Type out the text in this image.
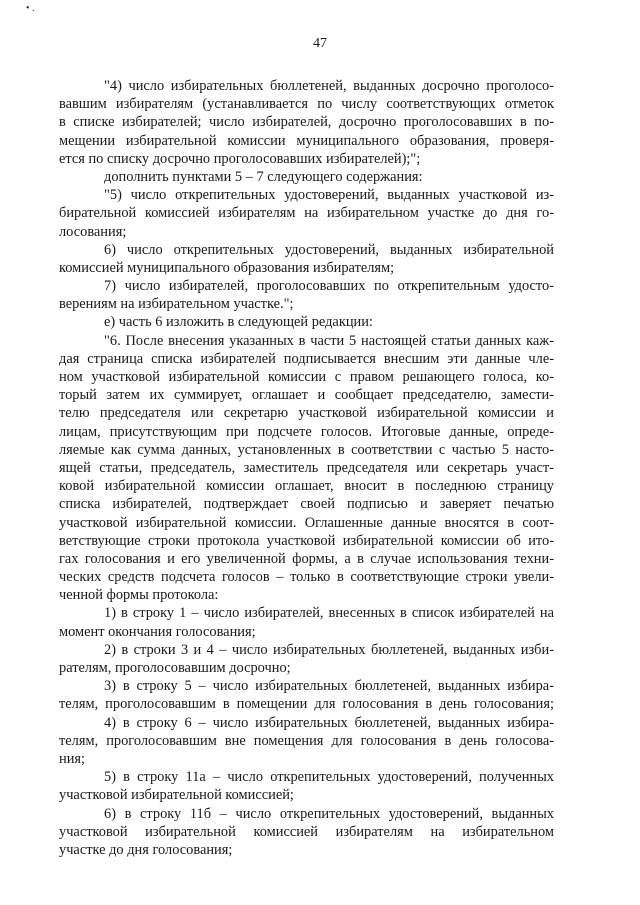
• .
47
"4) число избирательных бюллетеней, выданных досрочно проголосо-
вавшим избирателям (устанавливается по числу соответствующих отметок
в списке избирателей; число избирателей, досрочно проголосовавших в по-
мещении избирательной комиссии муниципального образования, проверя-
ется по списку досрочно проголосовавших избирателей);";
дополнить пунктами 5 – 7 следующего содержания:
"5) число открепительных удостоверений, выданных участковой из-
бирательной комиссией избирателям на избирательном участке до дня го-
лосования;
6) число открепительных удостоверений, выданных избирательной
комиссией муниципального образования избирателям;
7) число избирателей, проголосовавших по открепительным удосто-
верениям на избирательном участке.";
е) часть 6 изложить в следующей редакции:
"6. После внесения указанных в части 5 настоящей статьи данных каж-
дая страница списка избирателей подписывается внесшим эти данные чле-
ном участковой избирательной комиссии с правом решающего голоса, ко-
торый затем их суммирует, оглашает и сообщает председателю, замести-
телю председателя или секретарю участковой избирательной комиссии и
лицам, присутствующим при подсчете голосов. Итоговые данные, опреде-
ляемые как сумма данных, установленных в соответствии с частью 5 насто-
ящей статьи, председатель, заместитель председателя или секретарь участ-
ковой избирательной комиссии оглашает, вносит в последнюю страницу
списка избирателей, подтверждает своей подписью и заверяет печатью
участковой избирательной комиссии. Оглашенные данные вносятся в соот-
ветствующие строки протокола участковой избирательной комиссии об ито-
гах голосования и его увеличенной формы, а в случае использования техни-
ческих средств подсчета голосов – только в соответствующие строки увели-
ченной формы протокола:
1) в строку 1 – число избирателей, внесенных в список избирателей на
момент окончания голосования;
2) в строки 3 и 4 – число избирательных бюллетеней, выданных изби-
рателям, проголосовавшим досрочно;
3) в строку 5 – число избирательных бюллетеней, выданных избира-
телям, проголосовавшим в помещении для голосования в день голосования;
4) в строку 6 – число избирательных бюллетеней, выданных избира-
телям, проголосовавшим вне помещения для голосования в день голосова-
ния;
5) в строку 11а – число открепительных удостоверений, полученных
участковой избирательной комиссией;
6) в строку 11б – число открепительных удостоверений, выданных
участковой избирательной комиссией избирателям на избирательном
участке до дня голосования;
